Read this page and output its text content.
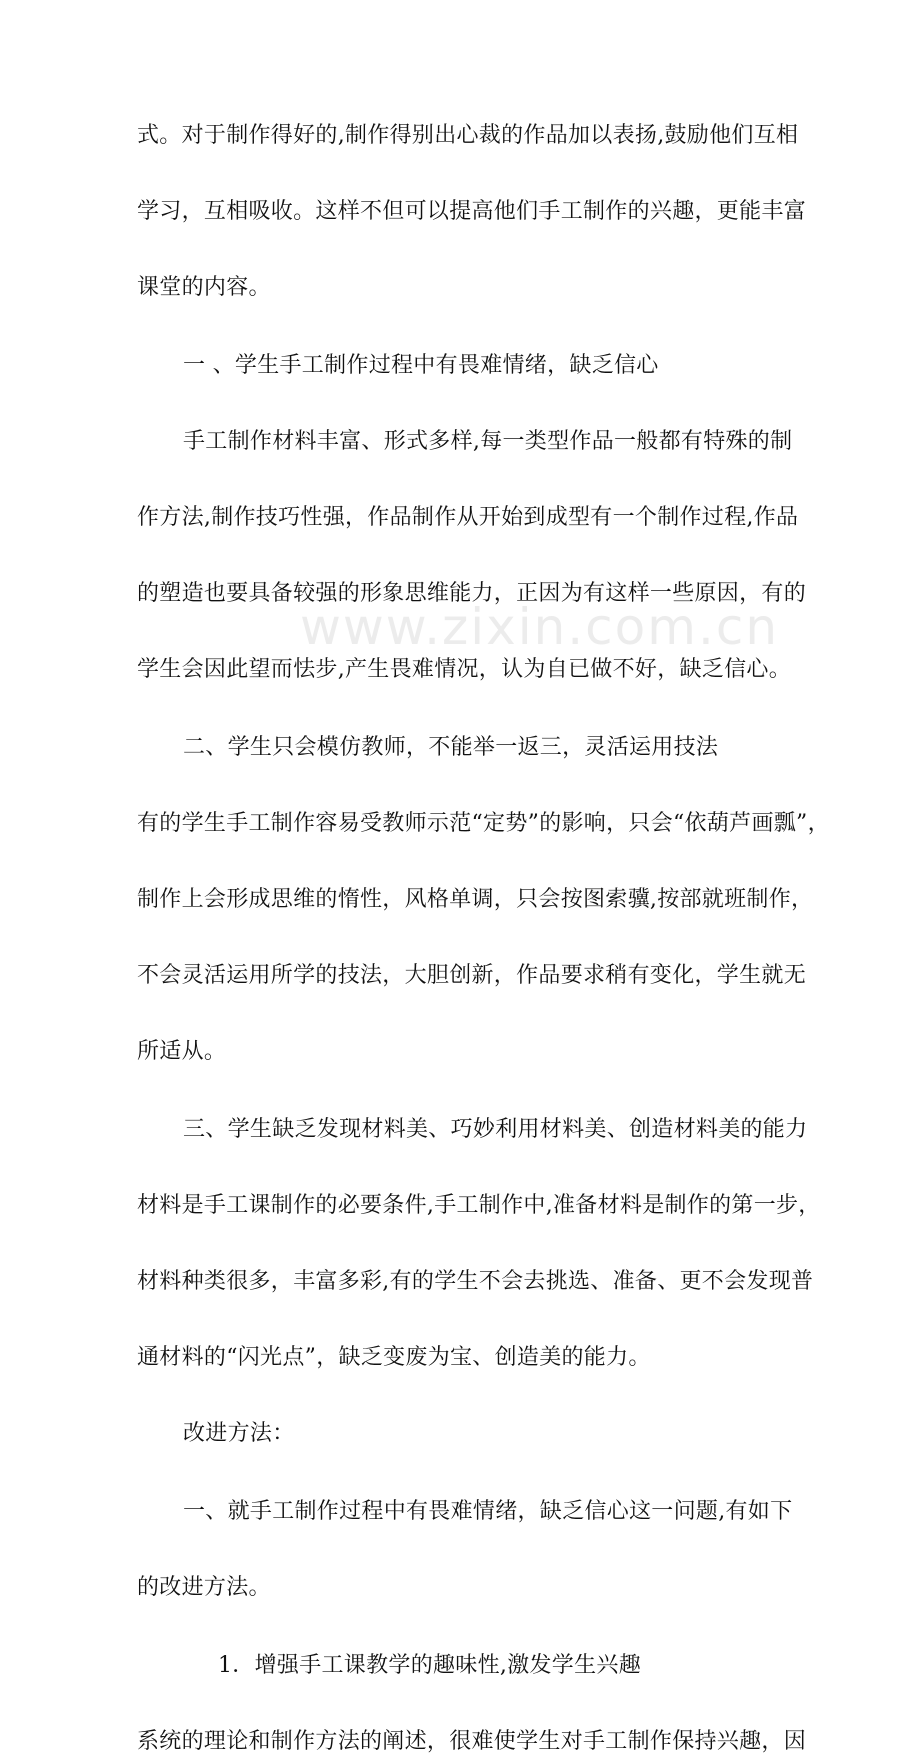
www.zixin.com.cn
式。对于制作得好的,制作得别出心裁的作品加以表扬,鼓励他们互相
学习，互相吸收。这样不但可以提高他们手工制作的兴趣，更能丰富
课堂的内容。
一 、学生手工制作过程中有畏难情绪，缺乏信心
手工制作材料丰富、形式多样,每一类型作品一般都有特殊的制
作方法,制作技巧性强，作品制作从开始到成型有一个制作过程,作品
的塑造也要具备较强的形象思维能力，正因为有这样一些原因，有的
学生会因此望而怯步,产生畏难情况，认为自已做不好，缺乏信心。
二、学生只会模仿教师，不能举一返三，灵活运用技法
有的学生手工制作容易受教师示范“定势”的影响，只会“依葫芦画瓢”，
制作上会形成思维的惰性，风格单调，只会按图索骥,按部就班制作，
不会灵活运用所学的技法，大胆创新，作品要求稍有变化，学生就无
所适从。
三、学生缺乏发现材料美、巧妙利用材料美、创造材料美的能力
材料是手工课制作的必要条件,手工制作中,准备材料是制作的第一步，
材料种类很多，丰富多彩,有的学生不会去挑选、准备、更不会发现普
通材料的“闪光点”，缺乏变废为宝、创造美的能力。
改进方法：
一、就手工制作过程中有畏难情绪，缺乏信心这一问题,有如下
的改进方法。
1．增强手工课教学的趣味性,激发学生兴趣
系统的理论和制作方法的阐述，很难使学生对手工制作保持兴趣，因
